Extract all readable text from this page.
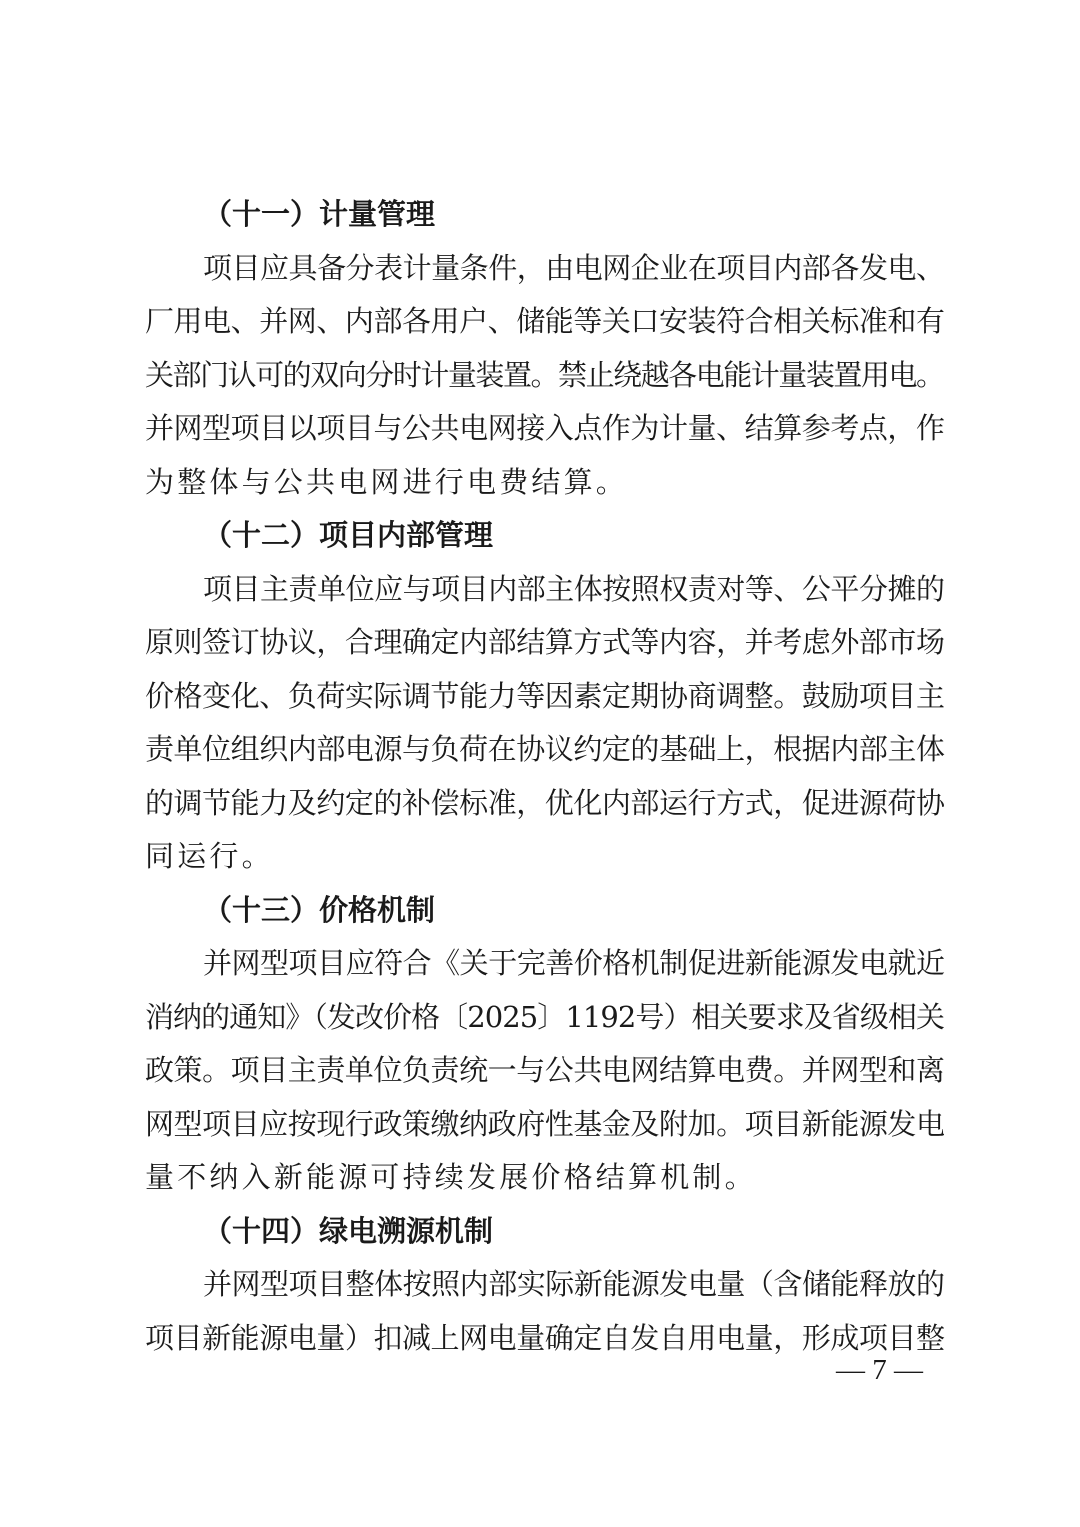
（十一）计量管理

项目应具备分表计量条件，由电网企业在项目内部各发电、
厂用电、并网、内部各用户、储能等关口安装符合相关标准和有
关部门认可的双向分时计量装置。禁止绕越各电能计量装置用电。
并网型项目以项目与公共电网接入点作为计量、结算参考点，作
为整体与公共电网进行电费结算。

（十二）项目内部管理

项目主责单位应与项目内部主体按照权责对等、公平分摊的
原则签订协议，合理确定内部结算方式等内容，并考虑外部市场
价格变化、负荷实际调节能力等因素定期协商调整。鼓励项目主
责单位组织内部电源与负荷在协议约定的基础上，根据内部主体
的调节能力及约定的补偿标准，优化内部运行方式，促进源荷协
同运行。

（十三）价格机制

并网型项目应符合《关于完善价格机制促进新能源发电就近
消纳的通知》（发改价格〔2025〕1192号）相关要求及省级相关
政策。项目主责单位负责统一与公共电网结算电费。并网型和离
网型项目应按现行政策缴纳政府性基金及附加。项目新能源发电
量不纳入新能源可持续发展价格结算机制。

（十四）绿电溯源机制

并网型项目整体按照内部实际新能源发电量（含储能释放的
项目新能源电量）扣减上网电量确定自发自用电量，形成项目整

— 7 —
